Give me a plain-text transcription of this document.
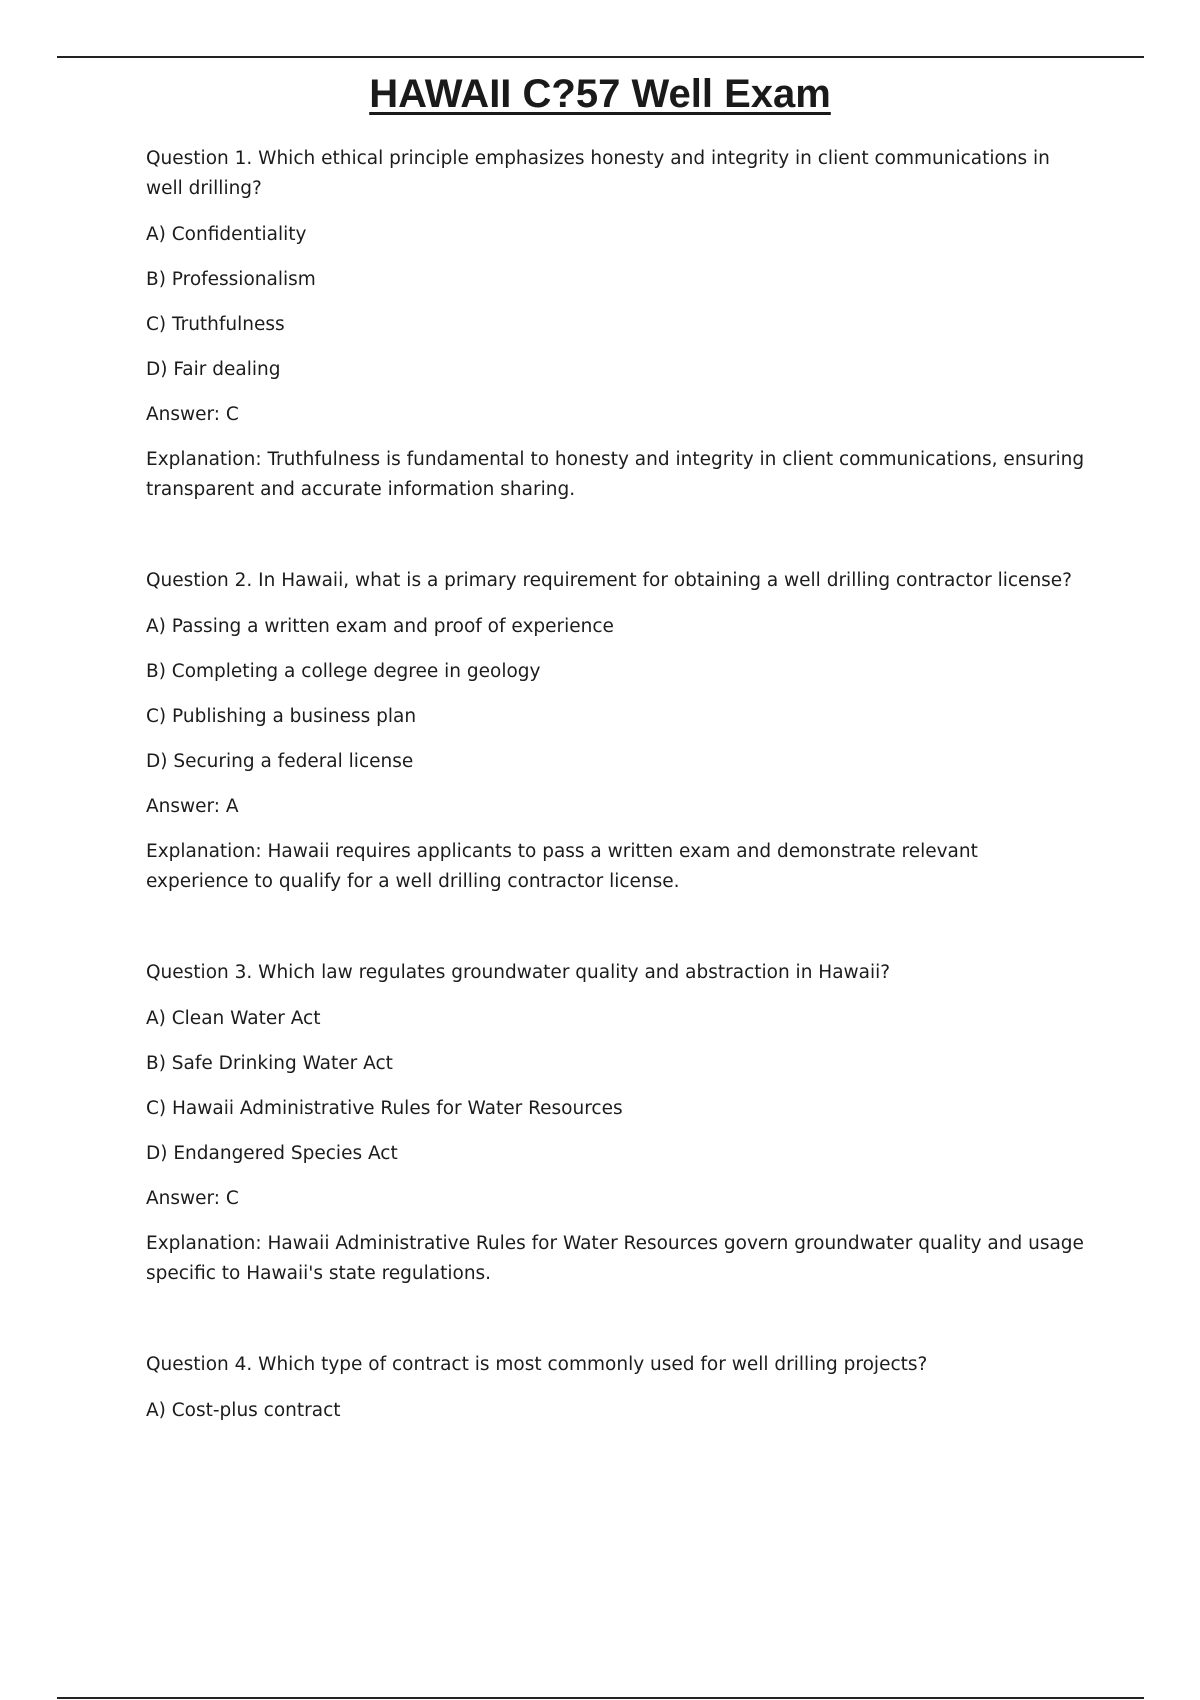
HAWAII C?57 Well Exam
Question 1. Which ethical principle emphasizes honesty and integrity in client communications in well drilling?
A) Confidentiality
B) Professionalism
C) Truthfulness
D) Fair dealing
Answer: C
Explanation: Truthfulness is fundamental to honesty and integrity in client communications, ensuring transparent and accurate information sharing.
Question 2. In Hawaii, what is a primary requirement for obtaining a well drilling contractor license?
A) Passing a written exam and proof of experience
B) Completing a college degree in geology
C) Publishing a business plan
D) Securing a federal license
Answer: A
Explanation: Hawaii requires applicants to pass a written exam and demonstrate relevant experience to qualify for a well drilling contractor license.
Question 3. Which law regulates groundwater quality and abstraction in Hawaii?
A) Clean Water Act
B) Safe Drinking Water Act
C) Hawaii Administrative Rules for Water Resources
D) Endangered Species Act
Answer: C
Explanation: Hawaii Administrative Rules for Water Resources govern groundwater quality and usage specific to Hawaii's state regulations.
Question 4. Which type of contract is most commonly used for well drilling projects?
A) Cost-plus contract
